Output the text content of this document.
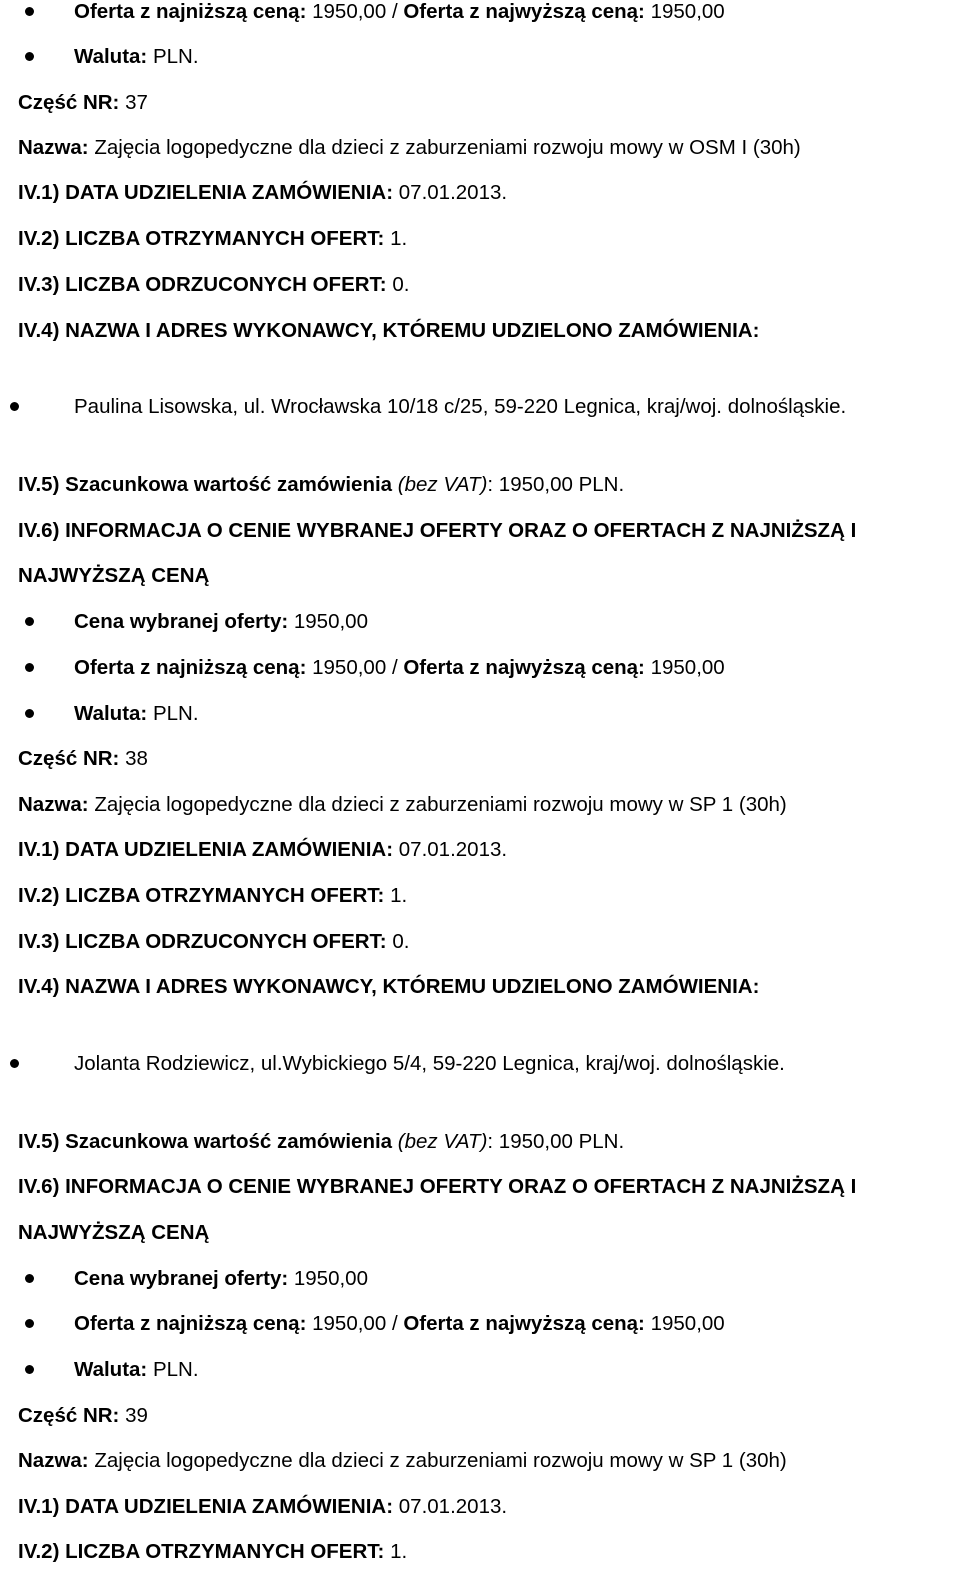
Oferta z najniższą ceną: 1950,00 / Oferta z najwyższą ceną: 1950,00
Waluta: PLN.
Część NR: 37
Nazwa: Zajęcia logopedyczne dla dzieci z zaburzeniami rozwoju mowy w OSM I (30h)
IV.1) DATA UDZIELENIA ZAMÓWIENIA: 07.01.2013.
IV.2) LICZBA OTRZYMANYCH OFERT: 1.
IV.3) LICZBA ODRZUCONYCH OFERT: 0.
IV.4) NAZWA I ADRES WYKONAWCY, KTÓREMU UDZIELONO ZAMÓWIENIA:
Paulina Lisowska, ul. Wrocławska 10/18 c/25, 59-220 Legnica, kraj/woj. dolnośląskie.
IV.5) Szacunkowa wartość zamówienia (bez VAT): 1950,00 PLN.
IV.6) INFORMACJA O CENIE WYBRANEJ OFERTY ORAZ O OFERTACH Z NAJNIŻSZĄ I
NAJWYŻSZĄ CENĄ
Cena wybranej oferty: 1950,00
Oferta z najniższą ceną: 1950,00 / Oferta z najwyższą ceną: 1950,00
Waluta: PLN.
Część NR: 38
Nazwa: Zajęcia logopedyczne dla dzieci z zaburzeniami rozwoju mowy w SP 1 (30h)
IV.1) DATA UDZIELENIA ZAMÓWIENIA: 07.01.2013.
IV.2) LICZBA OTRZYMANYCH OFERT: 1.
IV.3) LICZBA ODRZUCONYCH OFERT: 0.
IV.4) NAZWA I ADRES WYKONAWCY, KTÓREMU UDZIELONO ZAMÓWIENIA:
Jolanta Rodziewicz, ul.Wybickiego 5/4, 59-220 Legnica, kraj/woj. dolnośląskie.
IV.5) Szacunkowa wartość zamówienia (bez VAT): 1950,00 PLN.
IV.6) INFORMACJA O CENIE WYBRANEJ OFERTY ORAZ O OFERTACH Z NAJNIŻSZĄ I
NAJWYŻSZĄ CENĄ
Cena wybranej oferty: 1950,00
Oferta z najniższą ceną: 1950,00 / Oferta z najwyższą ceną: 1950,00
Waluta: PLN.
Część NR: 39
Nazwa: Zajęcia logopedyczne dla dzieci z zaburzeniami rozwoju mowy w SP 1 (30h)
IV.1) DATA UDZIELENIA ZAMÓWIENIA: 07.01.2013.
IV.2) LICZBA OTRZYMANYCH OFERT: 1.
